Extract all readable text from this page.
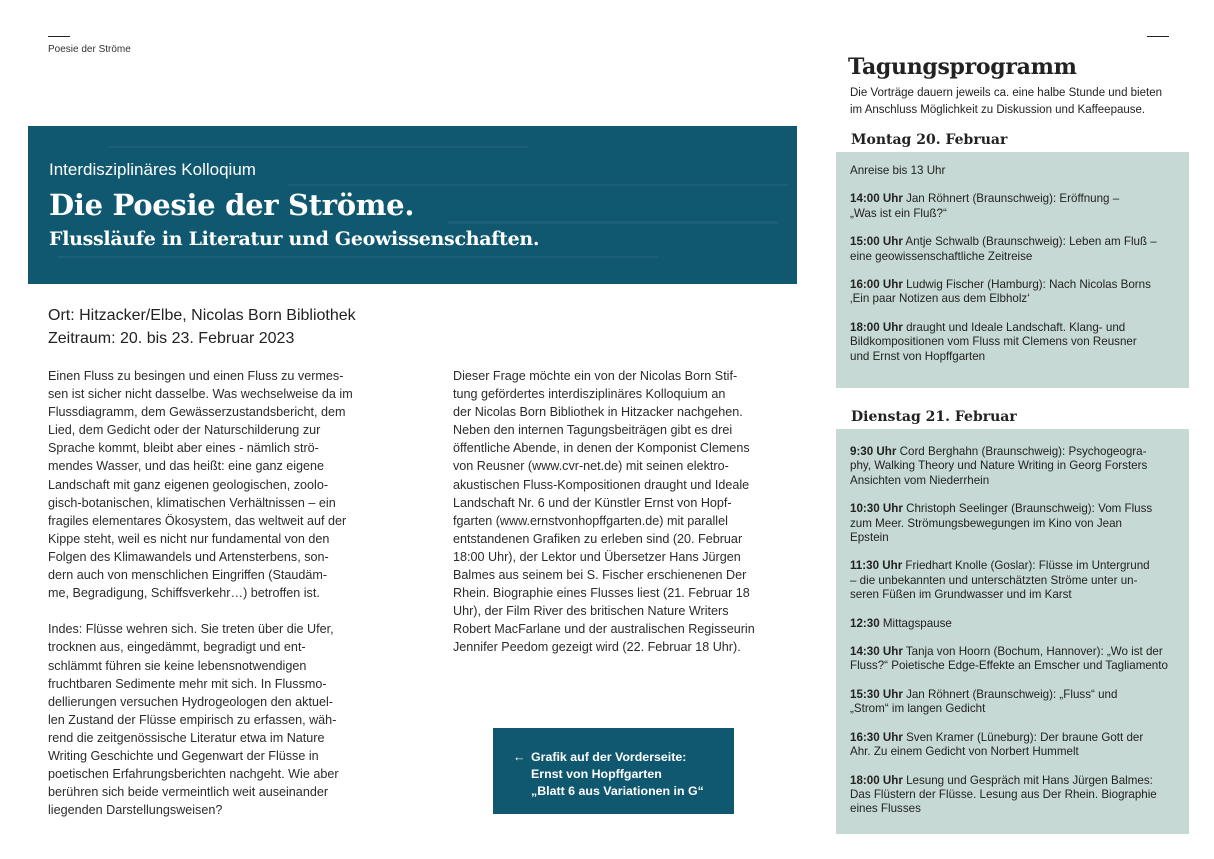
Poesie der Ströme
Interdisziplinäres Kolloqium
Die Poesie der Ströme.
Flussläufe in Literatur und Geowissenschaften.
Ort: Hitzacker/Elbe, Nicolas Born Bibliothek
Zeitraum: 20. bis 23. Februar 2023

Einen Fluss zu besingen und einen Fluss zu vermes-
sen ist sicher nicht dasselbe. Was wechselweise da im
Flussdiagramm, dem Gewässerzustandsbericht, dem
Lied, dem Gedicht oder der Naturschilderung zur
Sprache kommt, bleibt aber eines - nämlich strö-
mendes Wasser, und das heißt: eine ganz eigene
Landschaft mit ganz eigenen geologischen, zoolo-
gisch-botanischen, klimatischen Verhältnissen – ein
fragiles elementares Ökosystem, das weltweit auf der
Kippe steht, weil es nicht nur fundamental von den
Folgen des Klimawandels und Artensterbens, son-
dern auch von menschlichen Eingriffen (Staudäm-
me, Begradigung, Schiffsverkehr…) betroffen ist.

Indes: Flüsse wehren sich. Sie treten über die Ufer,
trocknen aus, eingedämmt, begradigt und ent-
schlämmt führen sie keine lebensnotwendigen
fruchtbaren Sedimente mehr mit sich. In Flussmo-
dellierungen versuchen Hydrogeologen den aktuel-
len Zustand der Flüsse empirisch zu erfassen, wäh-
rend die zeitgenössische Literatur etwa im Nature
Writing Geschichte und Gegenwart der Flüsse in
poetischen Erfahrungsberichten nachgeht. Wie aber
berühren sich beide vermeintlich weit auseinander
liegenden Darstellungsweisen?

Dieser Frage möchte ein von der Nicolas Born Stif-
tung gefördertes interdisziplinäres Kolloquium an
der Nicolas Born Bibliothek in Hitzacker nachgehen.
Neben den internen Tagungsbeiträgen gibt es drei
öffentliche Abende, in denen der Komponist Clemens
von Reusner (www.cvr-net.de) mit seinen elektro-
akustischen Fluss-Kompositionen draught und Ideale
Landschaft Nr. 6 und der Künstler Ernst von Hopf-
fgarten (www.ernstvonhopffgarten.de) mit parallel
entstandenen Grafiken zu erleben sind (20. Februar
18:00 Uhr), der Lektor und Übersetzer Hans Jürgen
Balmes aus seinem bei S. Fischer erschienenen Der
Rhein. Biographie eines Flusses liest (21. Februar 18
Uhr), der Film River des britischen Nature Writers
Robert MacFarlane und der australischen Regisseurin
Jennifer Peedom gezeigt wird (22. Februar 18 Uhr).

← Grafik auf der Vorderseite:
Ernst von Hopffgarten
„Blatt 6 aus Variationen in G“
Tagungsprogramm
Die Vorträge dauern jeweils ca. eine halbe Stunde und bieten
im Anschluss Möglichkeit zu Diskussion und Kaffeepause.
Montag 20. Februar
Anreise bis 13 Uhr
14:00 Uhr Jan Röhnert (Braunschweig): Eröffnung –
„Was ist ein Fluß?“
15:00 Uhr Antje Schwalb (Braunschweig): Leben am Fluß –
eine geowissenschaftliche Zeitreise
16:00 Uhr Ludwig Fischer (Hamburg): Nach Nicolas Borns
‚Ein paar Notizen aus dem Elbholz‘
18:00 Uhr draught und Ideale Landschaft. Klang- und
Bildkompositionen vom Fluss mit Clemens von Reusner
und Ernst von Hopffgarten
Dienstag 21. Februar
9:30 Uhr Cord Berghahn (Braunschweig): Psychogeogra-
phy, Walking Theory und Nature Writing in Georg Forsters
Ansichten vom Niederrhein
10:30 Uhr Christoph Seelinger (Braunschweig): Vom Fluss
zum Meer. Strömungsbewegungen im Kino von Jean
Epstein
11:30 Uhr Friedhart Knolle (Goslar): Flüsse im Untergrund
– die unbekannten und unterschätzten Ströme unter un-
seren Füßen im Grundwasser und im Karst
12:30 Mittagspause
14:30 Uhr Tanja von Hoorn (Bochum, Hannover): „Wo ist der
Fluss?“ Poietische Edge-Effekte an Emscher und Tagliamento
15:30 Uhr Jan Röhnert (Braunschweig): „Fluss“ und
„Strom“ im langen Gedicht
16:30 Uhr Sven Kramer (Lüneburg): Der braune Gott der
Ahr. Zu einem Gedicht von Norbert Hummelt
18:00 Uhr Lesung und Gespräch mit Hans Jürgen Balmes:
Das Flüstern der Flüsse. Lesung aus Der Rhein. Biographie
eines Flusses
